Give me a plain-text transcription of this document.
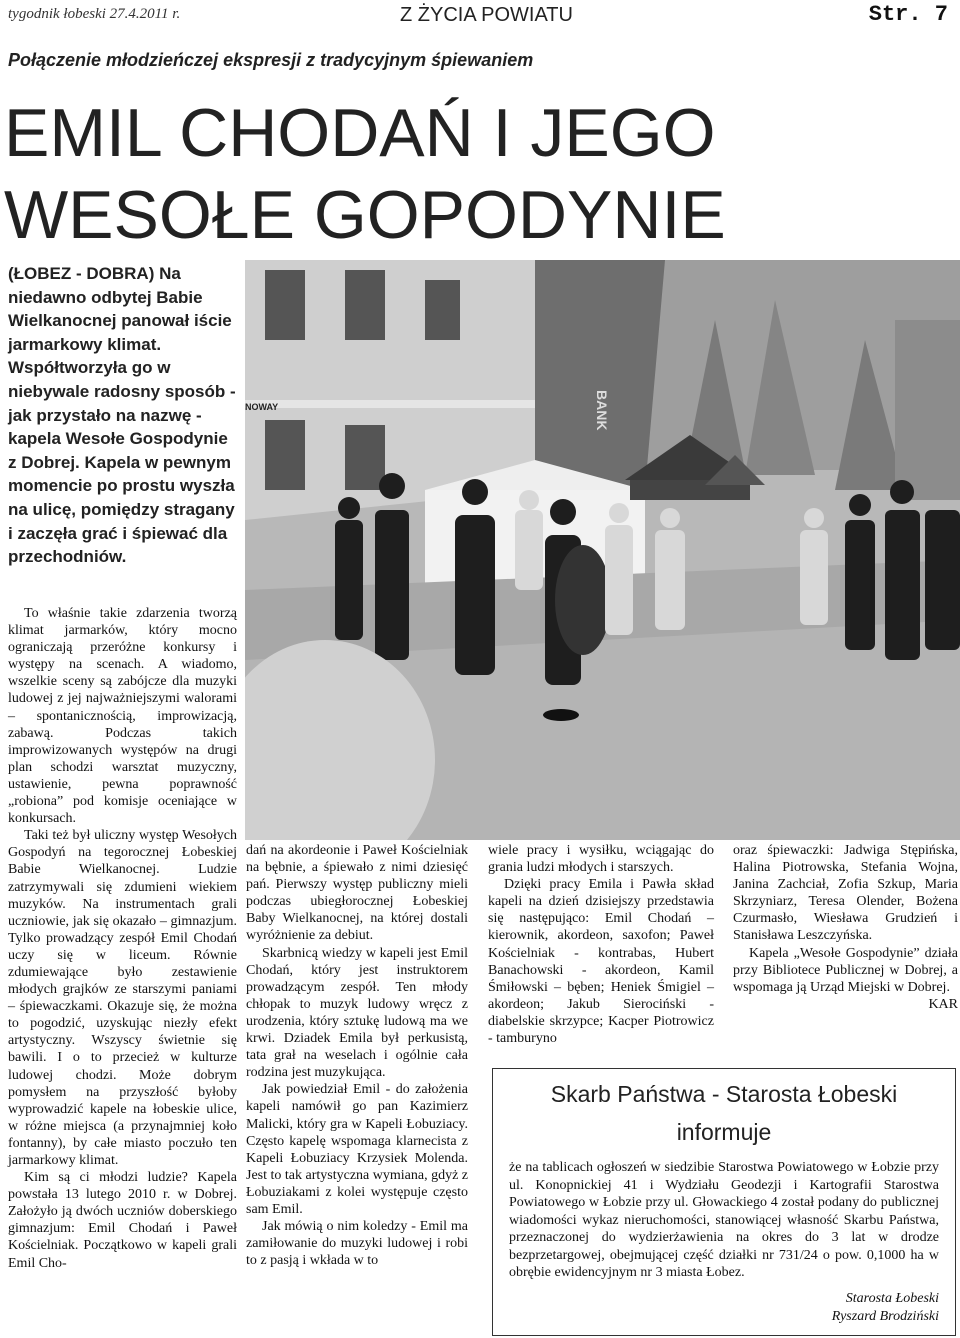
tygodnik łobeski 27.4.2011 r.	Z ŻYCIA POWIATU	Str. 7
Połączenie młodzieńczej ekspresji z tradycyjnym śpiewaniem
EMIL CHODAŃ I JEGO
WESOŁE GOPODYNIE
(ŁOBEZ - DOBRA) Na niedawno odbytej Babie Wielkanocnej panował iście jarmarkowy klimat. Współtworzyła go w niebywale radosny sposób - jak przystało na nazwę - kapela Wesołe Gospodynie z Dobrej. Kapela w pewnym momencie po prostu wyszła na ulicę, pomiędzy stragany i zaczęła grać i śpiewać dla przechodniów.
BANK
NOWAY

To właśnie takie zdarzenia tworzą klimat jarmarków, który mocno ograniczają przeróżne konkursy i występy na scenach. A wiadomo, wszelkie sceny są zabójcze dla muzyki ludowej z jej najważniejszymi walorami – spontanicznością, improwizacją, zabawą. Podczas takich improwizowanych występów na drugi plan schodzi warsztat muzyczny, ustawienie, pewna poprawność „robiona” pod komisje oceniające w konkursach.

Taki też był uliczny występ Wesołych Gospodyń na tegorocznej Łobeskiej Babie Wielkanocnej. Ludzie zatrzymywali się zdumieni wiekiem muzyków. Na instrumentach grali uczniowie, jak się okazało – gimnazjum. Tylko prowadzący zespół Emil Chodań uczy się w liceum. Równie zdumiewające było zestawienie młodych grajków ze starszymi paniami – śpiewaczkami. Okazuje się, że można to pogodzić, uzyskując niezły efekt artystyczny. Wszyscy świetnie się bawili. I o to przecież w kulturze ludowej chodzi. Może dobrym pomysłem na przyszłość byłoby wyprowadzić kapele na łobeskie ulice, w różne miejsca (a przynajmniej koło fontanny), by całe miasto poczuło ten jarmarkowy klimat.

Kim są ci młodzi ludzie? Kapela powstała 13 lutego 2010 r. w Dobrej. Założyło ją dwóch uczniów doberskiego gimnazjum: Emil Chodań i Paweł Kościelniak. Początkowo w kapeli grali Emil Cho-

dań na akordeonie i Paweł Kościelniak na bębnie, a śpiewało z nimi dziesięć pań. Pierwszy występ publiczny mieli podczas ubiegłorocznej Łobeskiej Baby Wielkanocnej, na której dostali wyróżnienie za debiut.

Skarbnicą wiedzy w kapeli jest Emil Chodań, który jest instruktorem prowadzącym zespół. Ten młody chłopak to muzyk ludowy wręcz z urodzenia, który sztukę ludową ma we krwi. Dziadek Emila był perkusistą, tata grał na weselach i ogólnie cała rodzina jest muzykująca.

Jak powiedział Emil - do założenia kapeli namówił go pan Kazimierz Malicki, który gra w Kapeli Łobuziacy. Często kapelę wspomaga klarnecista z Kapeli Łobuziacy Krzysiek Molenda. Jest to tak artystyczna wymiana, gdyż z Łobuziakami z kolei występuje często sam Emil.

Jak mówią o nim koledzy - Emil ma zamiłowanie do muzyki ludowej i robi to z pasją i wkłada w to

wiele pracy i wysiłku, wciągając do grania ludzi młodych i starszych.

Dzięki pracy Emila i Pawła skład kapeli na dzień dzisiejszy przedstawia się następująco: Emil Chodań – kierownik, akordeon, saxofon; Paweł Kościelniak - kontrabas, Hubert Banachowski - akordeon, Kamil Śmiłowski – bęben; Heniek Śmigiel – akordeon; Jakub Sierociński - diabelskie skrzypce; Kacper Piotrowicz - tamburyno

oraz śpiewaczki: Jadwiga Stępińska, Halina Piotrowska, Stefania Wojna, Janina Zachciał, Zofia Szkup, Maria Skrzyniarz, Teresa Olender, Bożena Czurmasło, Wiesława Grudzień i Stanisława Leszczyńska.

Kapela „Wesołe Gospodynie” działa przy Bibliotece Publicznej w Dobrej, a wspomaga ją Urząd Miejski w Dobrej.
KAR

Skarb Państwa - Starosta Łobeski
informuje
że na tablicach ogłoszeń w siedzibie Starostwa Powiatowego w Łobzie przy ul. Konopnickiej 41 i Wydziału Geodezji i Kartografii Starostwa Powiatowego w Łobzie przy ul. Głowackiego 4 został podany do publicznej wiadomości wykaz nieruchomości, stanowiącej własność Skarbu Państwa, przeznaczonej do wydzierżawienia na okres do 3 lat w drodze bezprzetargowej, obejmującej część działki nr 731/24 o pow. 0,1000 ha w obrębie ewidencyjnym nr 3 miasta Łobez.
Starosta Łobeski
Ryszard Brodziński
